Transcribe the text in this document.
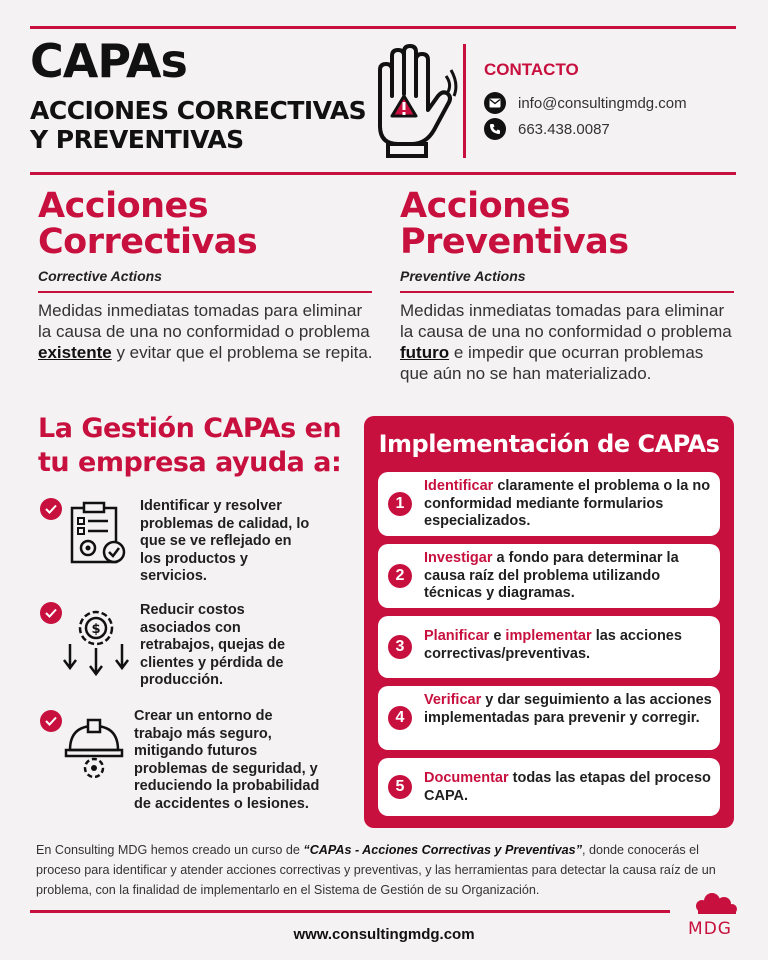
CAPAs
ACCIONES CORRECTIVAS Y PREVENTIVAS
CONTACTO
info@consultingmdg.com
663.438.0087
Acciones
Correctivas
Corrective Actions
Medidas inmediatas tomadas para eliminar la causa de una no conformidad o problema existente y evitar que el problema se repita.
Acciones
Preventivas
Preventive Actions
Medidas inmediatas tomadas para eliminar la causa de una no conformidad o problema futuro e impedir que ocurran problemas que aún no se han materializado.
La Gestión CAPAs en tu empresa ayuda a:
Identificar y resolver problemas de calidad, lo que se ve reflejado en los productos y servicios.
$
Reducir costos asociados con retrabajos, quejas de clientes y pérdida de producción.
Crear un entorno de trabajo más seguro, mitigando futuros problemas de seguridad, y reduciendo la probabilidad de accidentes o lesiones.
Implementación de CAPAs
1
Identificar claramente el problema o la no conformidad mediante formularios especializados.
2
Investigar a fondo para determinar la causa raíz del problema utilizando técnicas y diagramas.
3
Planificar e implementar las acciones correctivas/preventivas.
4
Verificar y dar seguimiento a las acciones implementadas para prevenir y corregir.
5	Documentar todas las etapas del proceso CAPA.
En Consulting MDG hemos creado un curso de “CAPAs - Acciones Correctivas y Preventivas”, donde conocerás el proceso para identificar y atender acciones correctivas y preventivas, y las herramientas para detectar la causa raíz de un problema, con la finalidad de implementarlo en el Sistema de Gestión de su Organización.
MDG
www.consultingmdg.com
